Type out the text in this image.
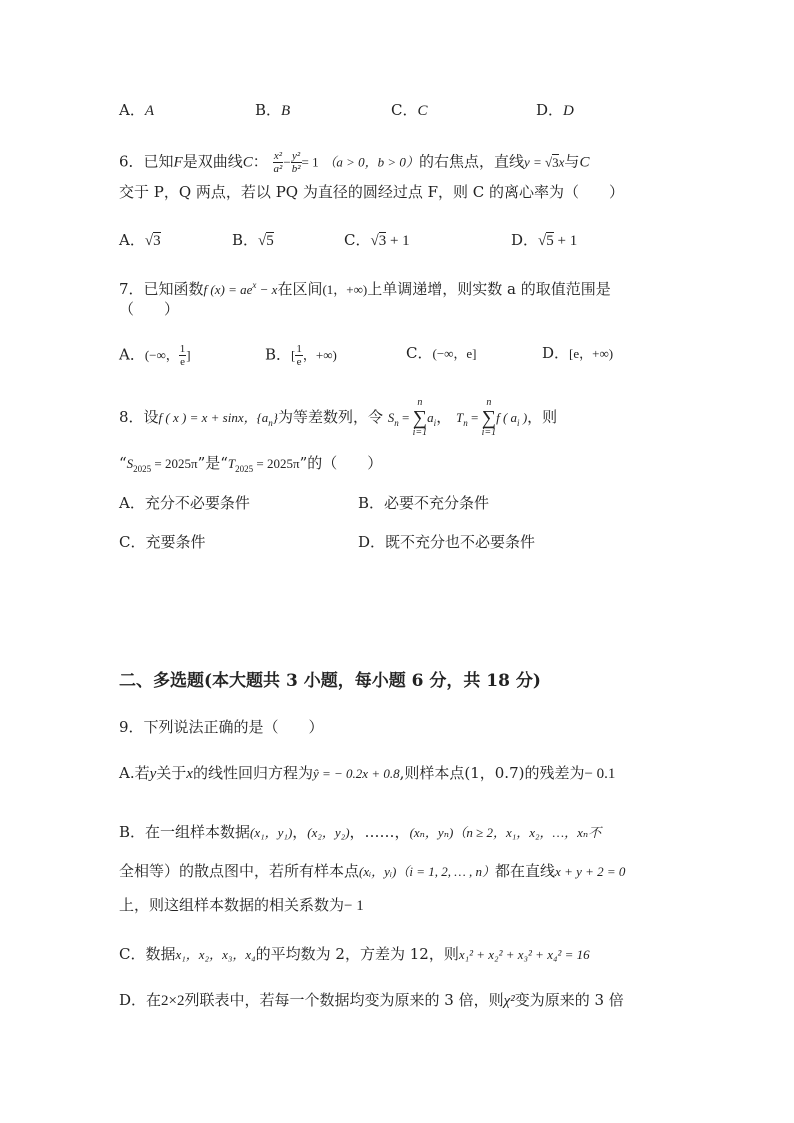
A．A	B．B	C．C	D．D
6．已知F是双曲线C： $\frac{\text{x²}}{\text{a²}} - \frac{\text{y²}}{\text{b²}} = 1$ （a > 0，b > 0）的右焦点，直线y = √3x与C
交于 P，Q 两点，若以 PQ 为直径的圆经过点 F，则 C 的离心率为（　　）
A．√3	B．√5	C．√3 + 1	D．√5 + 1
7．已知函数f $(x) = ae^x - x$在区间(1，+∞)上单调递增，则实数 a 的取值范围是
（　　）
A．(−∞， $\frac{1}{e}$ ]	B．[ $\frac{1}{e}$ ，+∞)	C．(−∞，e]	D．[e，+∞)
8．设f ( x ) = x + sinx，$\{a_n\}$为等差数列，令 $S_n = n$
∑
$i=1a_i$， $T_n = n$
∑
i=1f ( $a_i$ )，则
“$S_{2025} = 2025\pi$”是“$T_{2025} = 2025\pi$”的（　　）
A．充分不必要条件	B．必要不充分条件
C．充要条件	D．既不充分也不必要条件
二、多选题(本大题共 3 小题，每小题 6 分，共 18 分)
9．下列说法正确的是（　　）
A.若y关于x的线性回归方程为ŷ = − 0.2x + 0.8,则样本点(1，0.7)的残差为− 0.1
B．在一组样本数据(x₁，y₁)，(x₂，y₂)，……，(xₙ，yₙ)（n ≥ 2，x₁，x₂，…，xₙ不
全相等）的散点图中，若所有样本点(xᵢ，yᵢ)（i = 1, 2, … , n）都在直线x + y + 2 = 0
上，则这组样本数据的相关系数为− 1
C．数据x₁，x₂，x₃，x₄的平均数为 2，方差为 12，则x₁² + x₂² + x₃² + x₄² = 16
D．在2×2列联表中，若每一个数据均变为原来的 3 倍，则χ²变为原来的 3 倍
